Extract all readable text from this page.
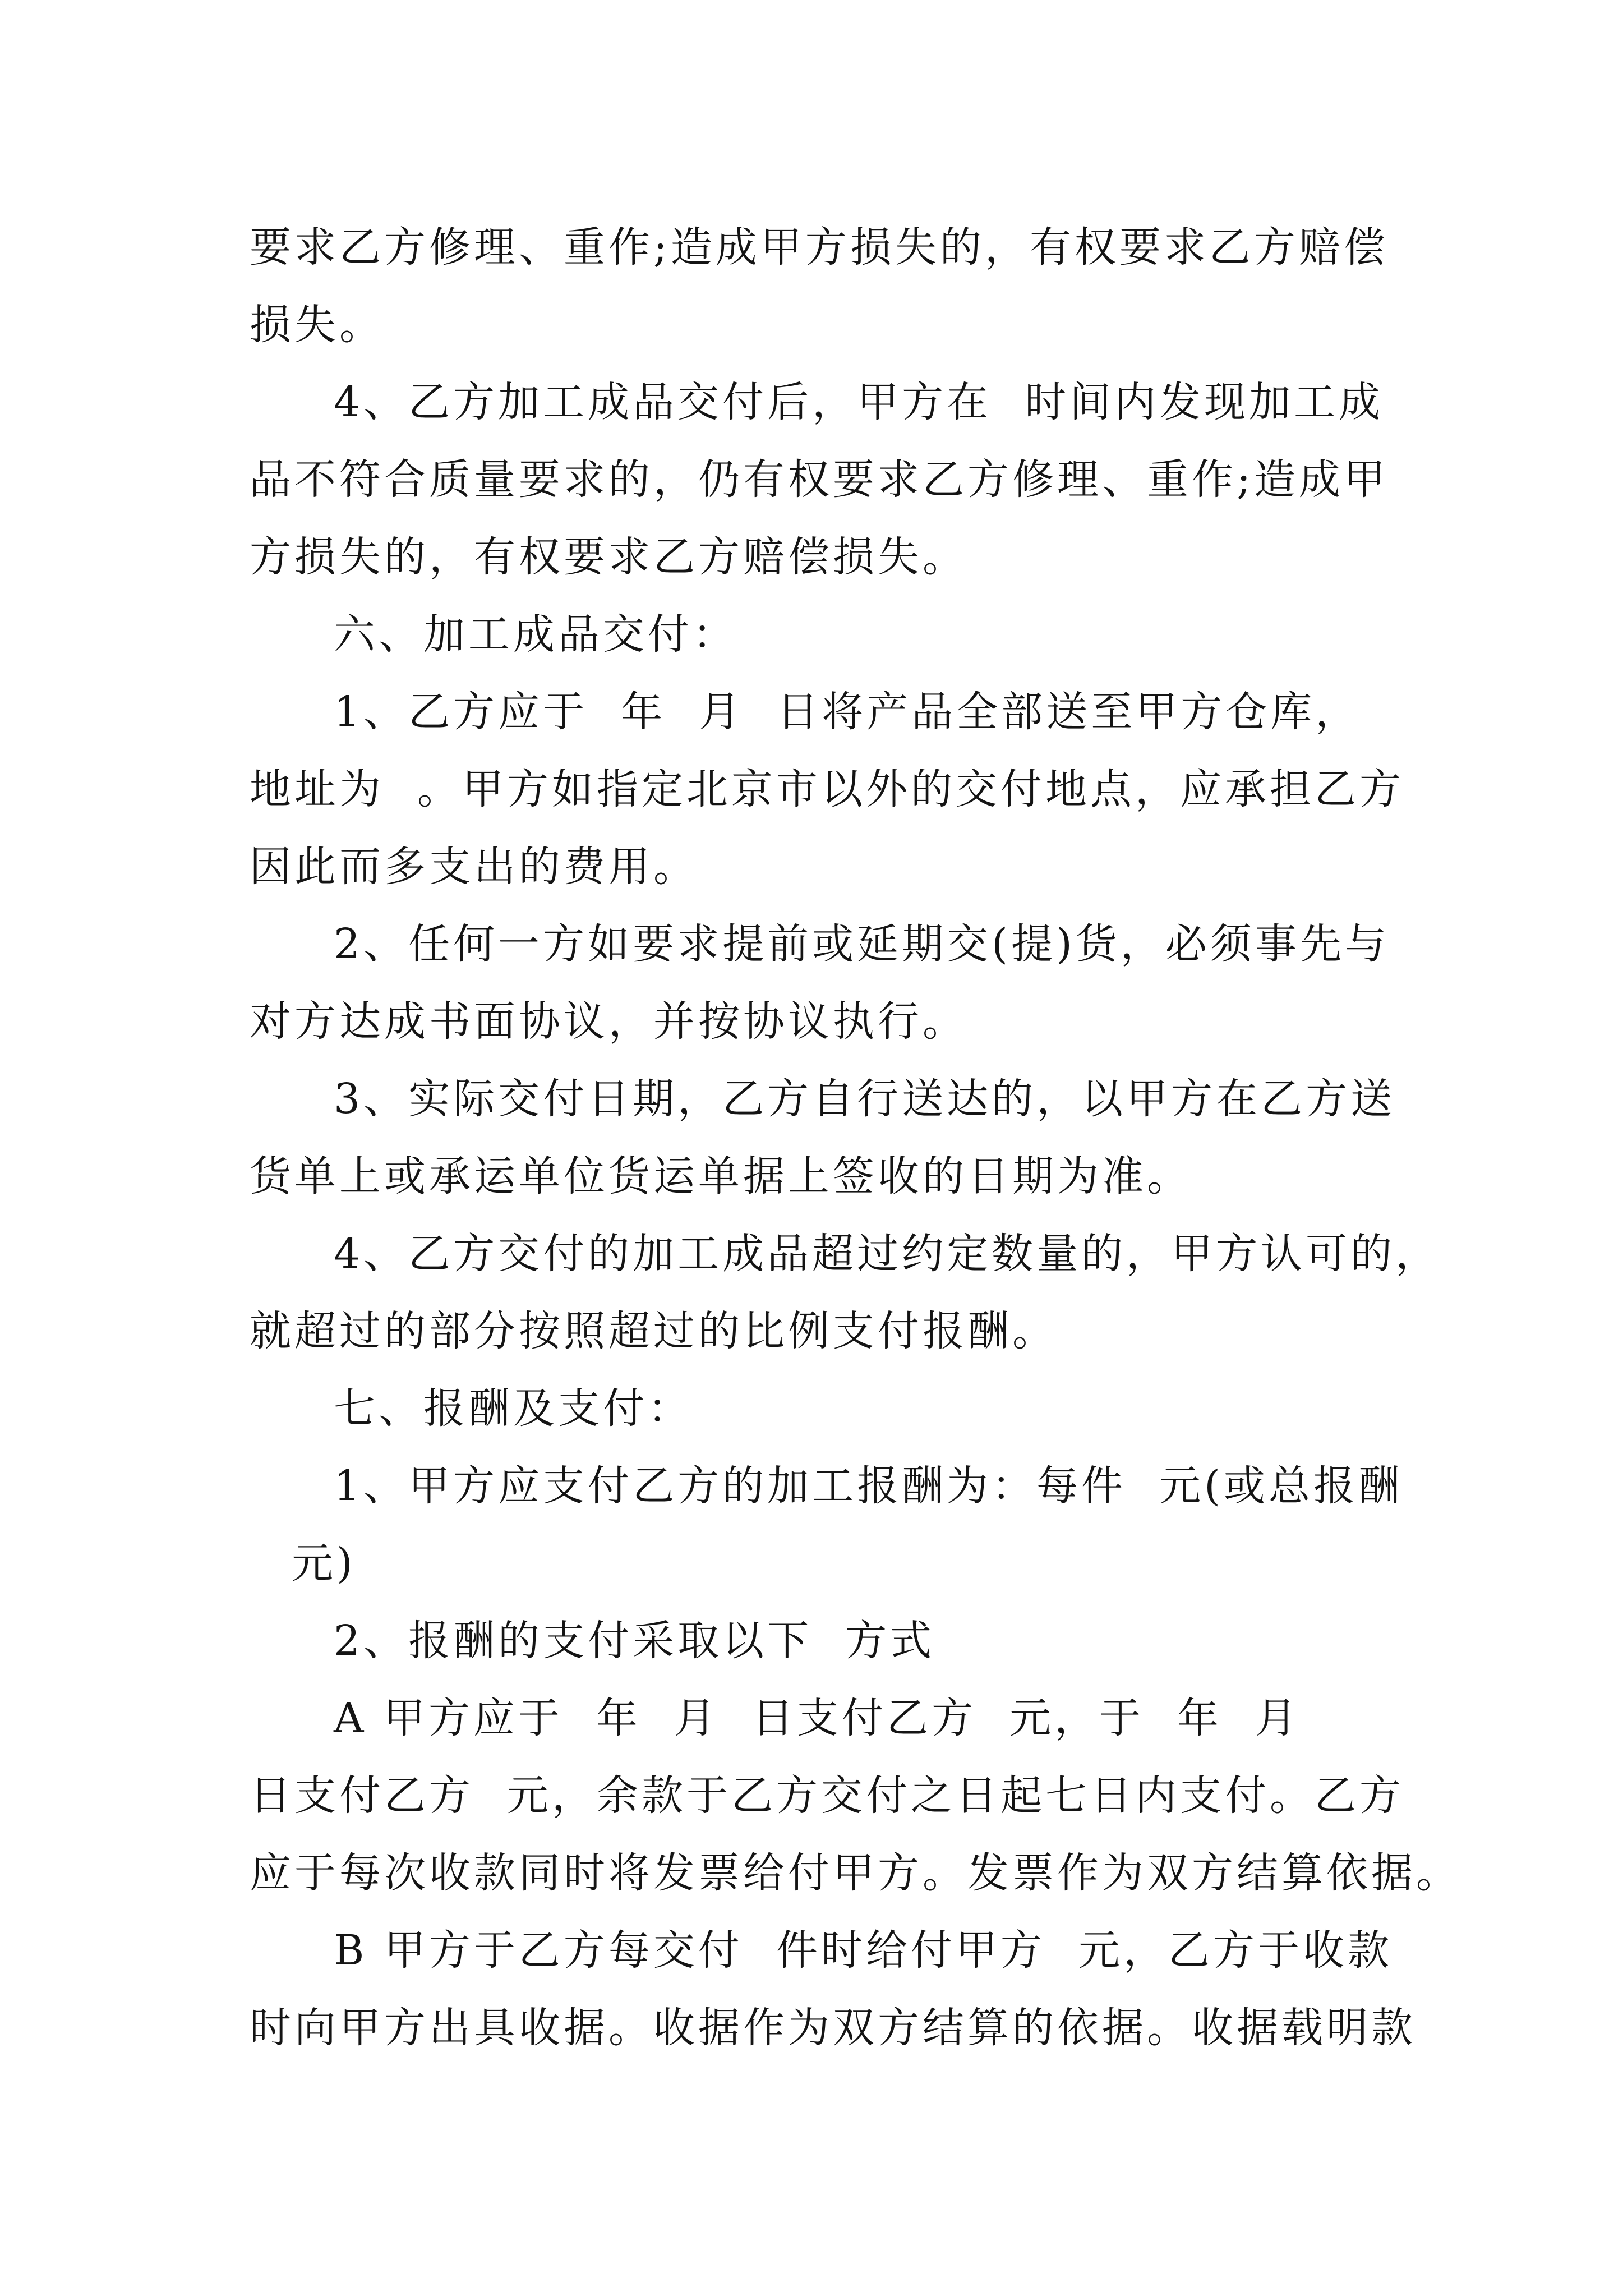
要求乙方修理、重作;造成甲方损失的，有权要求乙方赔偿
损失。
4、乙方加工成品交付后，甲方在  时间内发现加工成
品不符合质量要求的，仍有权要求乙方修理、重作;造成甲
方损失的，有权要求乙方赔偿损失。
六、加工成品交付：
1、乙方应于  年  月  日将产品全部送至甲方仓库，
地址为  。甲方如指定北京市以外的交付地点，应承担乙方
因此而多支出的费用。
2、任何一方如要求提前或延期交(提)货，必须事先与
对方达成书面协议，并按协议执行。
3、实际交付日期，乙方自行送达的，以甲方在乙方送
货单上或承运单位货运单据上签收的日期为准。
4、乙方交付的加工成品超过约定数量的，甲方认可的，
就超过的部分按照超过的比例支付报酬。
七、报酬及支付：
1、甲方应支付乙方的加工报酬为：每件  元(或总报酬
元)
2、报酬的支付采取以下  方式
A 甲方应于  年  月  日支付乙方  元，于  年  月
日支付乙方  元，余款于乙方交付之日起七日内支付。乙方
应于每次收款同时将发票给付甲方。发票作为双方结算依据。
B 甲方于乙方每交付  件时给付甲方  元，乙方于收款
时向甲方出具收据。收据作为双方结算的依据。收据载明款
